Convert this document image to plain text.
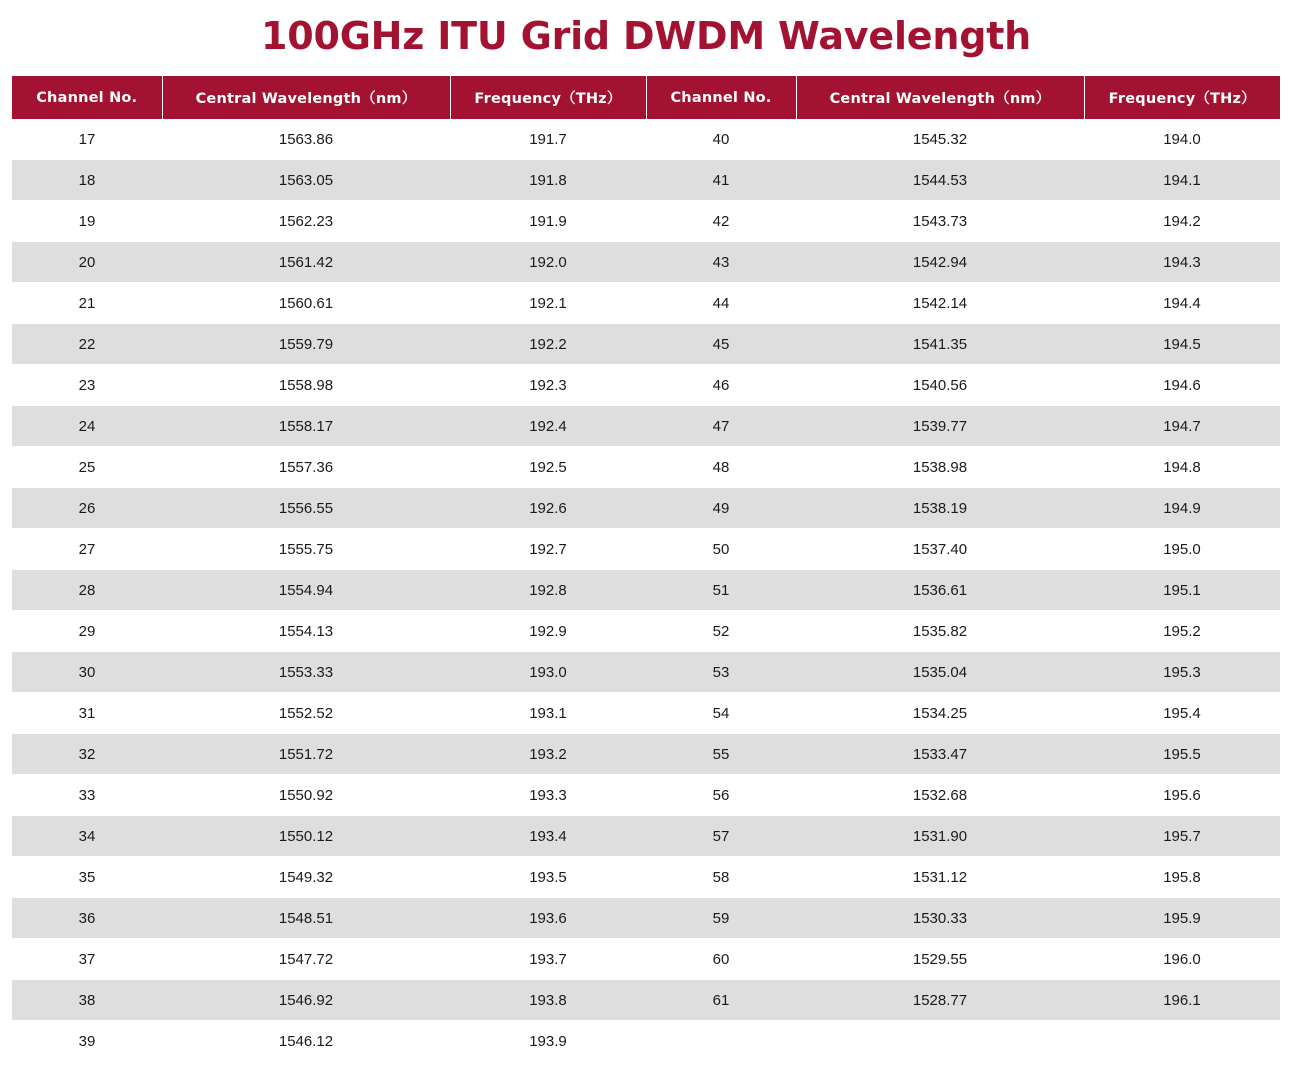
100GHz ITU Grid DWDM Wavelength
Channel No.	Central Wavelength（nm）	Frequency（THz）	Channel No.	Central Wavelength（nm）	Frequency（THz）
17	1563.86	191.7	40	1545.32	194.0
18	1563.05	191.8	41	1544.53	194.1
19	1562.23	191.9	42	1543.73	194.2
20	1561.42	192.0	43	1542.94	194.3
21	1560.61	192.1	44	1542.14	194.4
22	1559.79	192.2	45	1541.35	194.5
23	1558.98	192.3	46	1540.56	194.6
24	1558.17	192.4	47	1539.77	194.7
25	1557.36	192.5	48	1538.98	194.8
26	1556.55	192.6	49	1538.19	194.9
27	1555.75	192.7	50	1537.40	195.0
28	1554.94	192.8	51	1536.61	195.1
29	1554.13	192.9	52	1535.82	195.2
30	1553.33	193.0	53	1535.04	195.3
31	1552.52	193.1	54	1534.25	195.4
32	1551.72	193.2	55	1533.47	195.5
33	1550.92	193.3	56	1532.68	195.6
34	1550.12	193.4	57	1531.90	195.7
35	1549.32	193.5	58	1531.12	195.8
36	1548.51	193.6	59	1530.33	195.9
37	1547.72	193.7	60	1529.55	196.0
38	1546.92	193.8	61	1528.77	196.1
39	1546.12	193.9			
